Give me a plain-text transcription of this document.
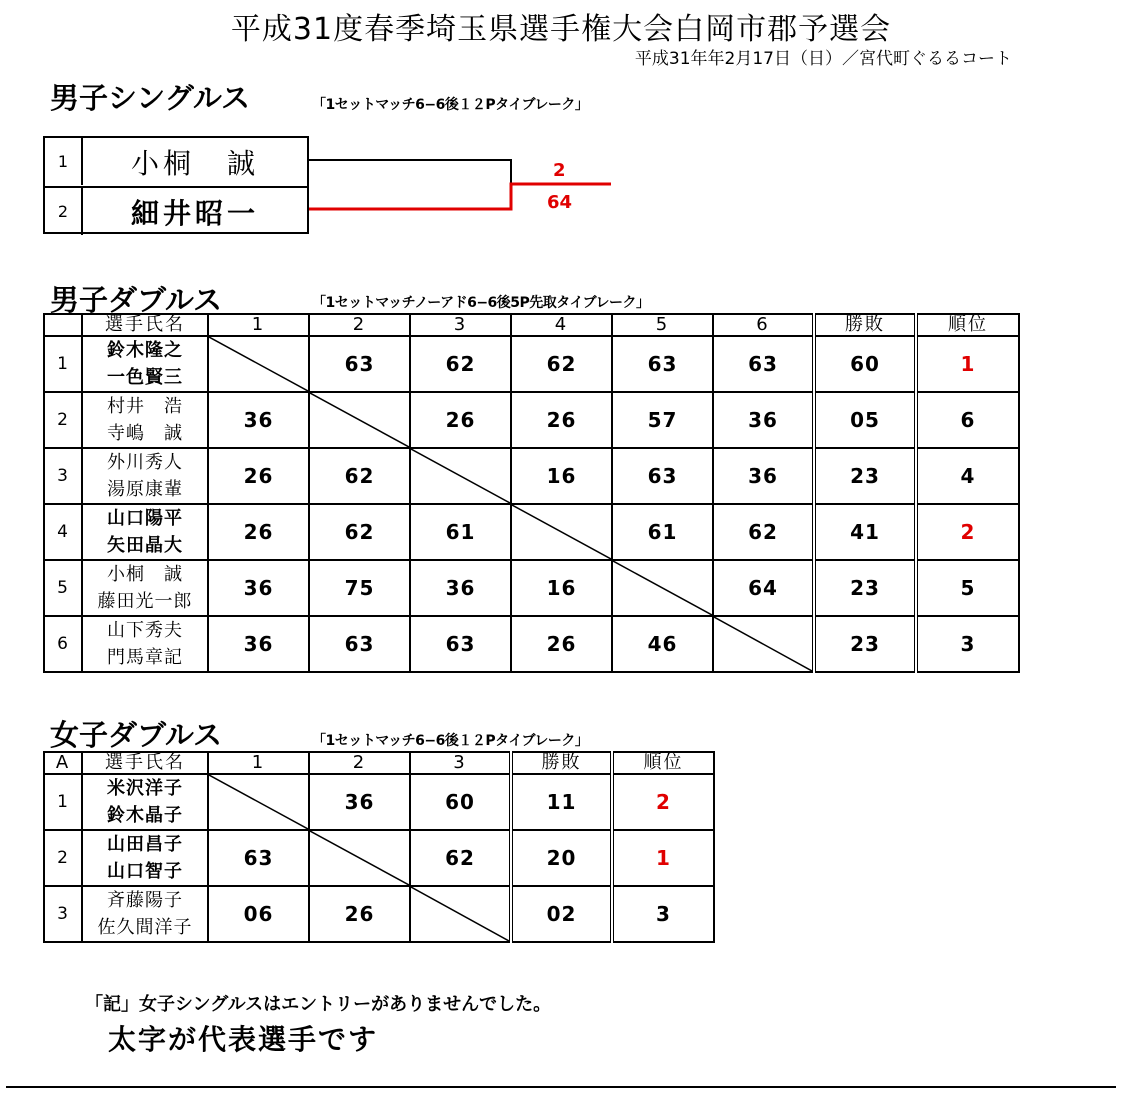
平成31度春季埼玉県選手権大会白岡市郡予選会
平成31年年2月17日（日）／宮代町ぐるるコート
男子シングルス	「1セットマッチ6−6後１２Pタイブレーク」
1	小桐　誠
2	細井昭一
2
64
男子ダブルス	「1セットマッチノーアド6−6後5P先取タイブレーク」
	選手氏名	1	2	3	4	5	6	勝敗	順位
1	鈴木隆之
一色賢三		63	62	62	63	63	60	1
2	村井　浩
寺嶋　誠	36		26	26	57	36	05	6
3	外川秀人
湯原康輩	26	62		16	63	36	23	4
4	山口陽平
矢田晶大	26	62	61		61	62	41	2
5	小桐　誠
藤田光一郎	36	75	36	16		64	23	5
6	山下秀夫
門馬章記	36	63	63	26	46		23	3
女子ダブルス	「1セットマッチ6−6後１２Pタイブレーク」
A	選手氏名	1	2	3	勝敗	順位
1	米沢洋子
鈴木晶子		36	60	11	2
2	山田昌子
山口智子	63		62	20	1
3	斉藤陽子
佐久間洋子	06	26		02	3
「記」女子シングルスはエントリーがありませんでした。
太字が代表選手です
